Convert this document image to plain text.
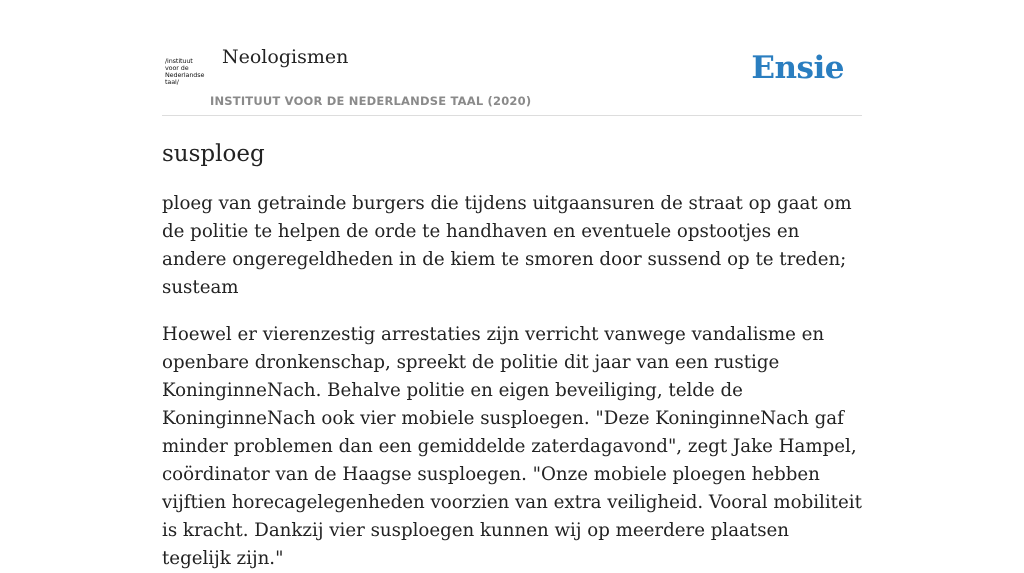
/instituut
voor de
Nederlandse
taal/
Neologismen
INSTITUUT VOOR DE NEDERLANDSE TAAL (2020)
Ensie
susploeg

ploeg van getrainde burgers die tijdens uitgaansuren de straat op gaat om de politie te helpen de orde te handhaven en eventuele opstootjes en andere ongeregeldheden in de kiem te smoren door sussend op te treden; susteam

Hoewel er vierenzestig arrestaties zijn verricht vanwege vandalisme en openbare dronkenschap, spreekt de politie dit jaar van een rustige KoninginneNach. Behalve politie en eigen beveiliging, telde de KoninginneNach ook vier mobiele susploegen. "Deze KoninginneNach gaf minder problemen dan een gemiddelde zaterdagavond", zegt Jake Hampel, coördinator van de Haagse susploegen. "Onze mobiele ploegen hebben vijftien horecagelegenheden voorzien van extra veiligheid. Vooral mobiliteit is kracht. Dankzij vier susploegen kunnen wij op meerdere plaatsen tegelijk zijn."
